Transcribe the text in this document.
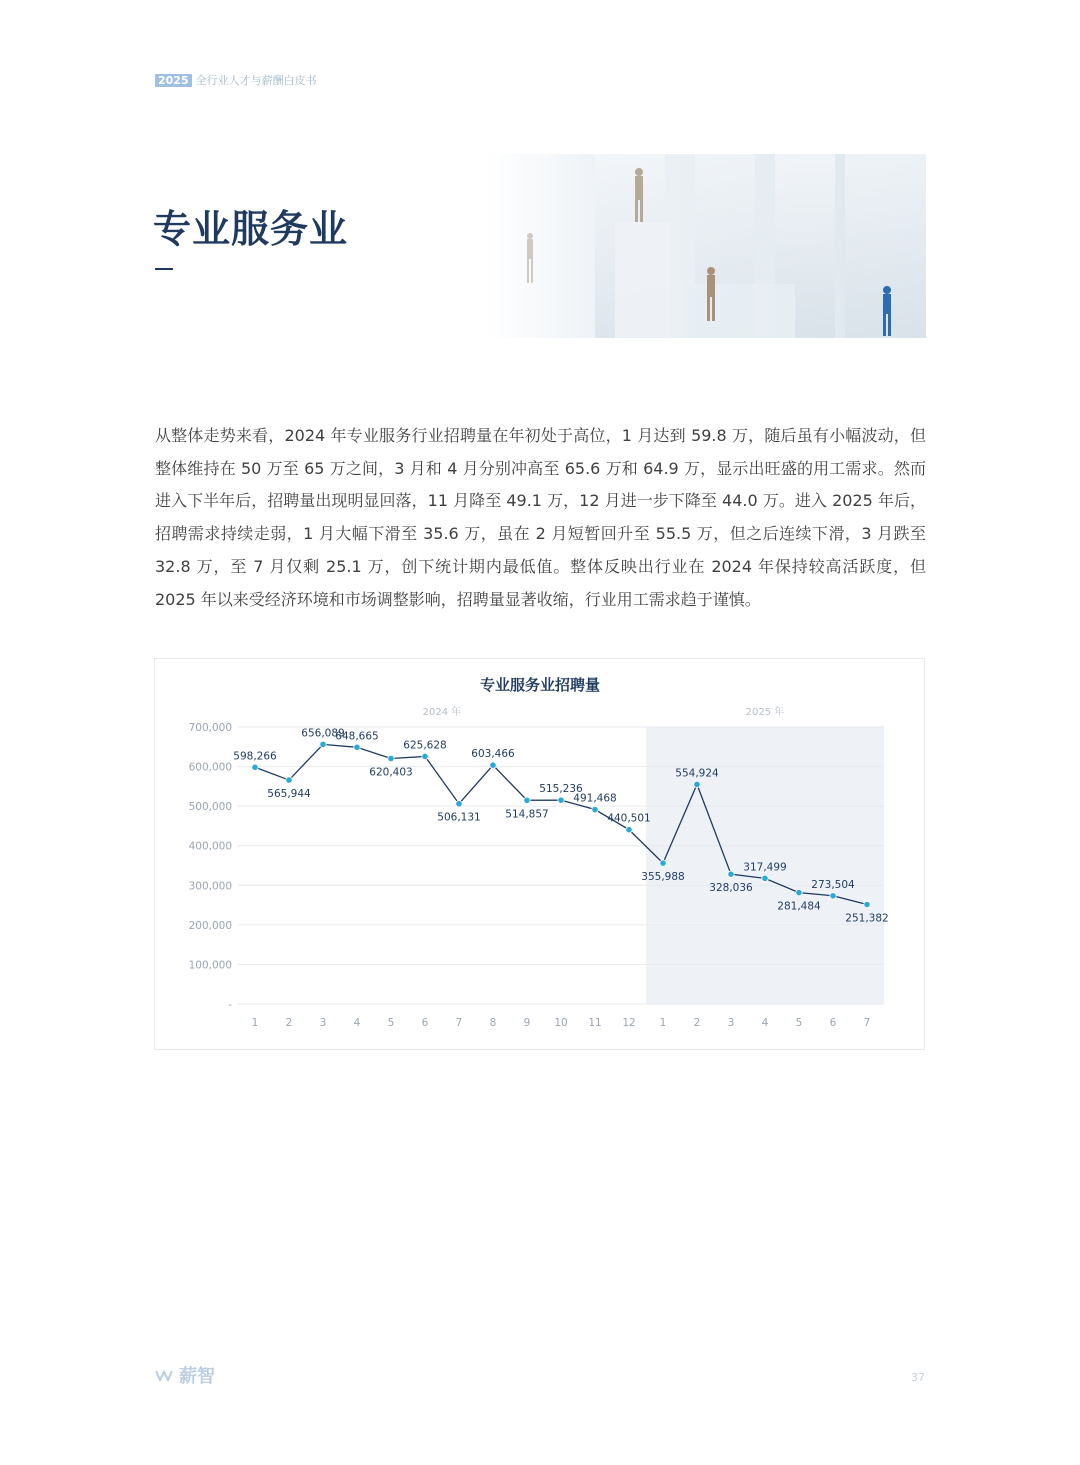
2025 全行业人才与薪酬白皮书
专业服务业

从整体走势来看，2024 年专业服务行业招聘量在年初处于高位，1 月达到 59.8 万，随后虽有小幅波动，但整体维持在 50 万至 65 万之间，3 月和 4 月分别冲高至 65.6 万和 64.9 万，显示出旺盛的用工需求。然而进入下半年后，招聘量出现明显回落，11 月降至 49.1 万，12 月进一步下降至 44.0 万。进入 2025 年后，招聘需求持续走弱，1 月大幅下滑至 35.6 万，虽在 2 月短暂回升至 55.5 万，但之后连续下滑，3 月跌至 32.8 万，至 7 月仅剩 25.1 万，创下统计期内最低值。整体反映出行业在 2024 年保持较高活跃度，但 2025 年以来受经济环境和市场调整影响，招聘量显著收缩，行业用工需求趋于谨慎。

专业服务业招聘量
2024 年	2025 年
-
100,000
200,000
300,000
400,000
500,000
600,000
700,000
1	2	3	4	5	6	7	8	9 10 11 12 1	2	3	4	5	6	7
598,266
565,944
656,089
648,665
620,403
625,628
506,131
603,466
514,857
515,236
491,468
440,501
355,988
554,924
328,036
317,499
281,484
273,504
251,382
薪智	37
